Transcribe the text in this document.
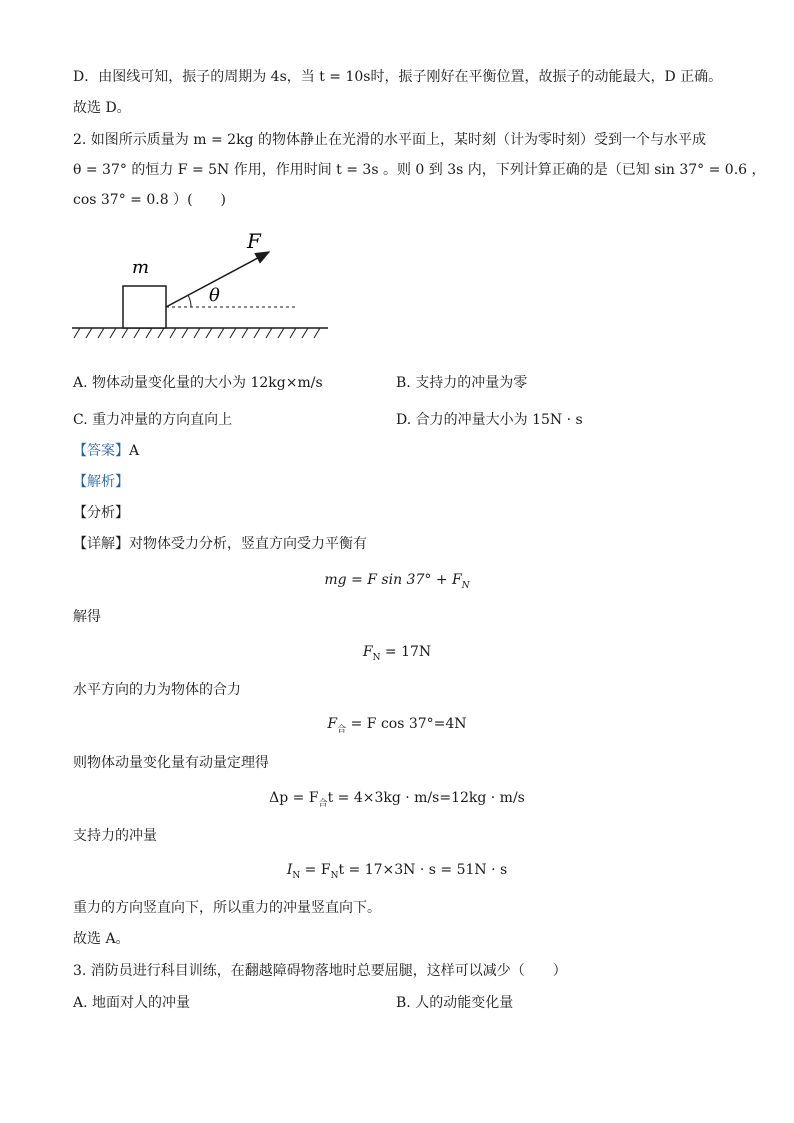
D．由图线可知，振子的周期为 4s，当 t = 10s时，振子刚好在平衡位置，故振子的动能最大，D 正确。
故选 D。
2. 如图所示质量为 m = 2kg 的物体静止在光滑的水平面上，某时刻（计为零时刻）受到一个与水平成
θ = 37° 的恒力 F = 5N 作用，作用时间 t = 3s 。则 0 到 3s 内，下列计算正确的是（已知 sin 37° = 0.6 ，
cos 37° = 0.8 ）(　　)
m
F
θ
A. 物体动量变化量的大小为 12kg×m/s	B. 支持力的冲量为零
C. 重力冲量的方向直向上	D. 合力的冲量大小为 15N · s
【答案】A
【解析】
【分析】
【详解】对物体受力分析，竖直方向受力平衡有
mg = F $\sin 37^\circ + F_N$
解得
$F_N = 17N$
水平方向的力为物体的合力
$F_合 = F$ cos 37°=4N
则物体动量变化量有动量定理得
$\Delta p = F_合t = 4\times 3kg \cdot m/s=12kg \cdot m/s$
支持力的冲量
$I_N = F_Nt = 17\times 3N \cdot s = 51N \cdot s$
重力的方向竖直向下，所以重力的冲量竖直向下。
故选 A。
3. 消防员进行科目训练，在翻越障碍物落地时总要屈腿，这样可以减少（　　）
A. 地面对人的冲量	B. 人的动能变化量
